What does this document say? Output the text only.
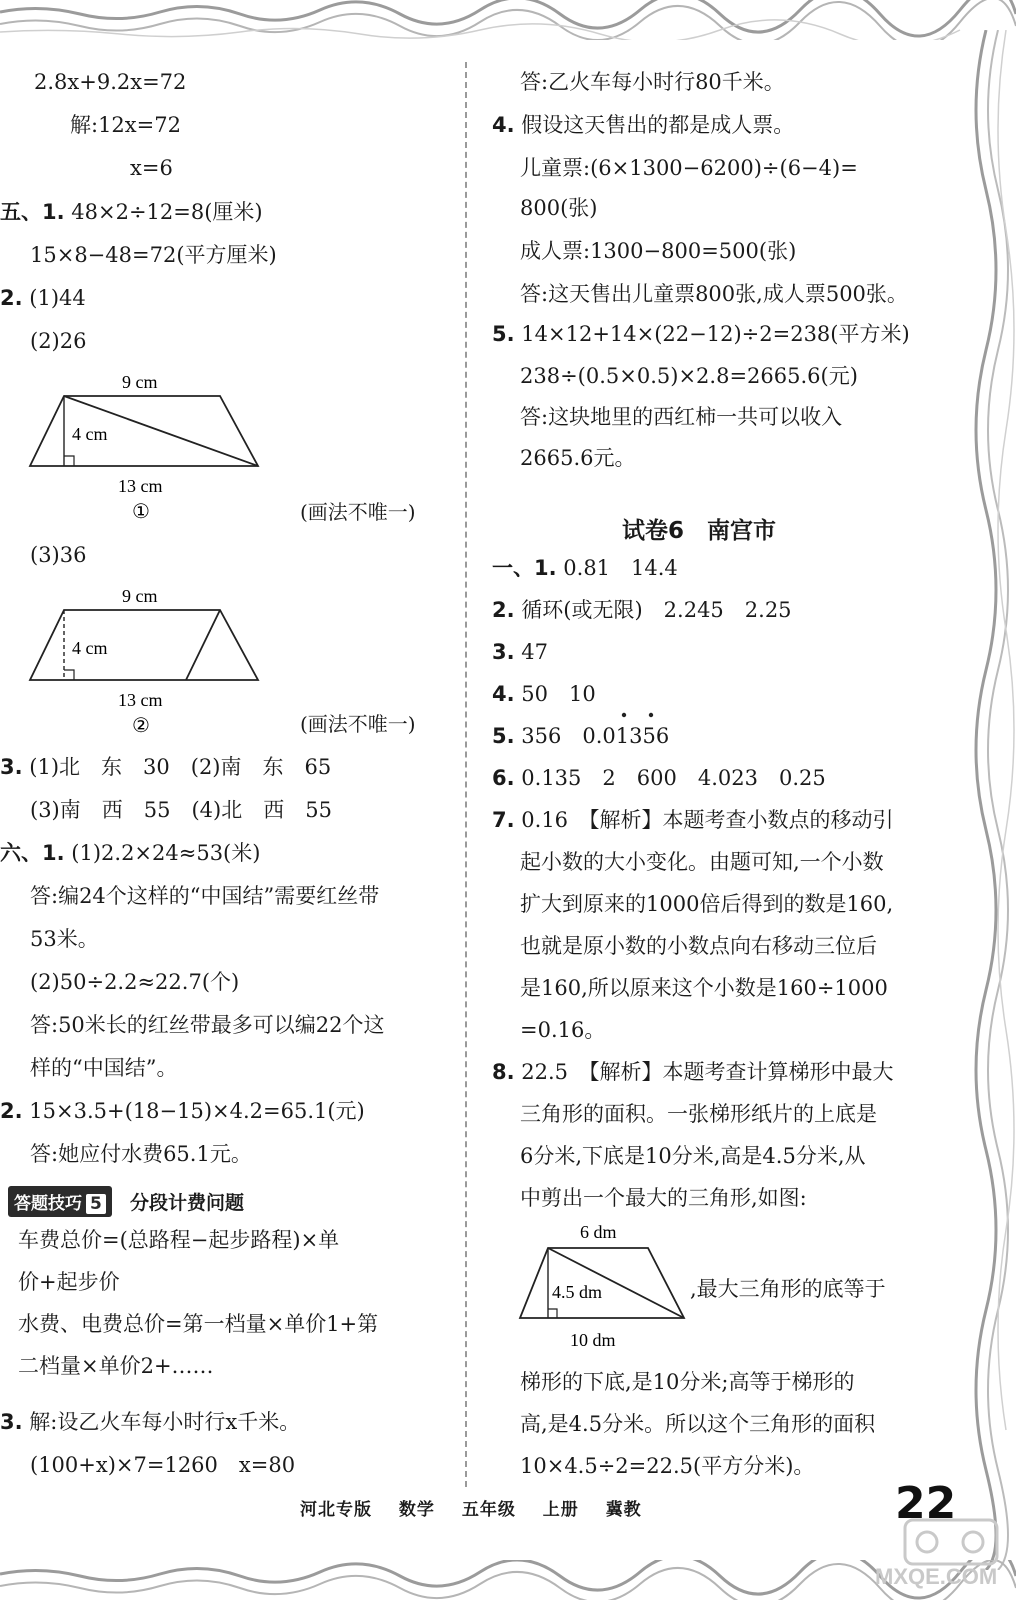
2.8x+9.2x=72
解:12x=72
x=6
五、1. 48×2÷12=8(厘米)
15×8−48=72(平方厘米)
2. (1)44
(2)26
9 cm
4 cm
13 cm
①	(画法不唯一)
(3)36
9 cm
4 cm
13 cm
②	(画法不唯一)
3. (1)北　东　30　(2)南　东　65
(3)南　西　55　(4)北　西　55
六、1. (1)2.2×24≈53(米)
答:编24个这样的“中国结”需要红丝带
53米。
(2)50÷2.2≈22.7(个)
答:50米长的红丝带最多可以编22个这
样的“中国结”。
2. 15×3.5+(18−15)×4.2=65.1(元)
答:她应付水费65.1元。
答题技巧 5	分段计费问题
车费总价=(总路程−起步路程)×单
价+起步价
水费、电费总价=第一档量×单价1+第
二档量×单价2+……
3. 解:设乙火车每小时行x千米。
(100+x)×7=1260　x=80
答:乙火车每小时行80千米。
4. 假设这天售出的都是成人票。
儿童票:(6×1300−6200)÷(6−4)=
800(张)
成人票:1300−800=500(张)
答:这天售出儿童票800张,成人票500张。
5. 14×12+14×(22−12)÷2=238(平方米)
238÷(0.5×0.5)×2.8=2665.6(元)
答:这块地里的西红柿一共可以收入
2665.6元。
试卷6　南宫市
一、1. 0.81　14.4
2. 循环(或无限)　2.245　2.25
3. 47
4. 50　10
5. 356　0.01356
6. 0.135　2　600　4.023　0.25
7. 0.16　【解析】本题考查小数点的移动引
起小数的大小变化。由题可知,一个小数
扩大到原来的1000倍后得到的数是160,
也就是原小数的小数点向右移动三位后
是160,所以原来这个小数是160÷1000
=0.16。
8. 22.5　【解析】本题考查计算梯形中最大
三角形的面积。一张梯形纸片的上底是
6分米,下底是10分米,高是4.5分米,从
中剪出一个最大的三角形,如图:
6 dm
4.5 dm
10 dm
,最大三角形的底等于
梯形的下底,是10分米;高等于梯形的
高,是4.5分米。所以这个三角形的面积
10×4.5÷2=22.5(平方分米)。
河北专版 数学 五年级 上册 冀教	22
MXQE.COM
